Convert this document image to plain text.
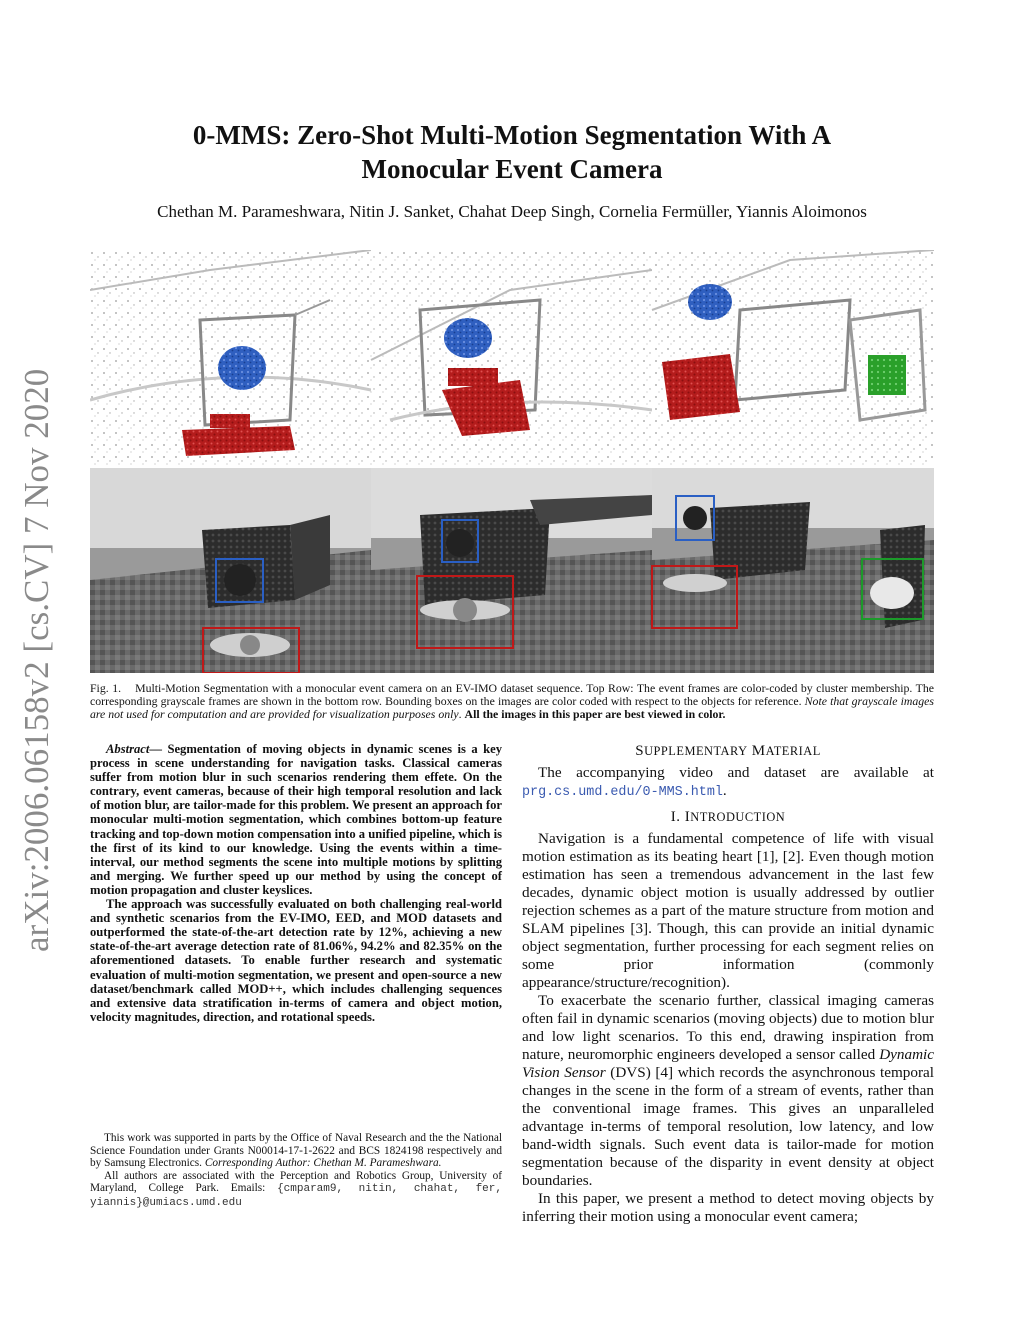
arXiv:2006.06158v2 [cs.CV] 7 Nov 2020
0-MMS: Zero-Shot Multi-Motion Segmentation With A
Monocular Event Camera
Chethan M. Parameshwara, Nitin J. Sanket, Chahat Deep Singh, Cornelia Fermüller, Yiannis Aloimonos
Fig. 1. Multi-Motion Segmentation with a monocular event camera on an EV-IMO dataset sequence. Top Row: The event frames are color-coded by cluster membership. The corresponding grayscale frames are shown in the bottom row. Bounding boxes on the images are color coded with respect to the objects for reference. Note that grayscale images are not used for computation and are provided for visualization purposes only. All the images in this paper are best viewed in color.

Abstract— Segmentation of moving objects in dynamic scenes is a key process in scene understanding for navigation tasks. Classical cameras suffer from motion blur in such scenarios rendering them effete. On the contrary, event cameras, because of their high temporal resolution and lack of motion blur, are tailor-made for this problem. We present an approach for monocular multi-motion segmentation, which combines bottom-up feature tracking and top-down motion compensation into a unified pipeline, which is the first of its kind to our knowledge. Using the events within a time-interval, our method segments the scene into multiple motions by splitting and merging. We further speed up our method by using the concept of motion propagation and cluster keyslices.

The approach was successfully evaluated on both challenging real-world and synthetic scenarios from the EV-IMO, EED, and MOD datasets and outperformed the state-of-the-art detection rate by 12%, achieving a new state-of-the-art average detection rate of 81.06%, 94.2% and 82.35% on the aforementioned datasets. To enable further research and systematic evaluation of multi-motion segmentation, we present and open-source a new dataset/benchmark called MOD++, which includes challenging sequences and extensive data stratification in-terms of camera and object motion, velocity magnitudes, direction, and rotational speeds.

This work was supported in parts by the Office of Naval Research and the the National Science Foundation under Grants N00014-17-1-2622 and BCS 1824198 respectively and by Samsung Electronics. Corresponding Author: Chethan M. Parameshwara.

All authors are associated with the Perception and Robotics Group, University of Maryland, College Park. Emails: {cmparam9, nitin, chahat, fer, yiannis}@umiacs.umd.edu

SUPPLEMENTARY MATERIAL

The accompanying video and dataset are available at prg.cs.umd.edu/0-MMS.html.

I. INTRODUCTION

Navigation is a fundamental competence of life with visual motion estimation as its beating heart [1], [2]. Even though motion estimation has seen a tremendous advancement in the last few decades, dynamic object motion is usually addressed by outlier rejection schemes as a part of the mature structure from motion and SLAM pipelines [3]. Though, this can provide an initial dynamic object segmentation, further processing for each segment relies on some prior information (commonly appearance/structure/recognition).

To exacerbate the scenario further, classical imaging cameras often fail in dynamic scenarios (moving objects) due to motion blur and low light scenarios. To this end, drawing inspiration from nature, neuromorphic engineers developed a sensor called Dynamic Vision Sensor (DVS) [4] which records the asynchronous temporal changes in the scene in the form of a stream of events, rather than the conventional image frames. This gives an unparalleled advantage in-terms of temporal resolution, low latency, and low band-width signals. Such event data is tailor-made for motion segmentation because of the disparity in event density at object boundaries.

In this paper, we present a method to detect moving objects by inferring their motion using a monocular event camera;
